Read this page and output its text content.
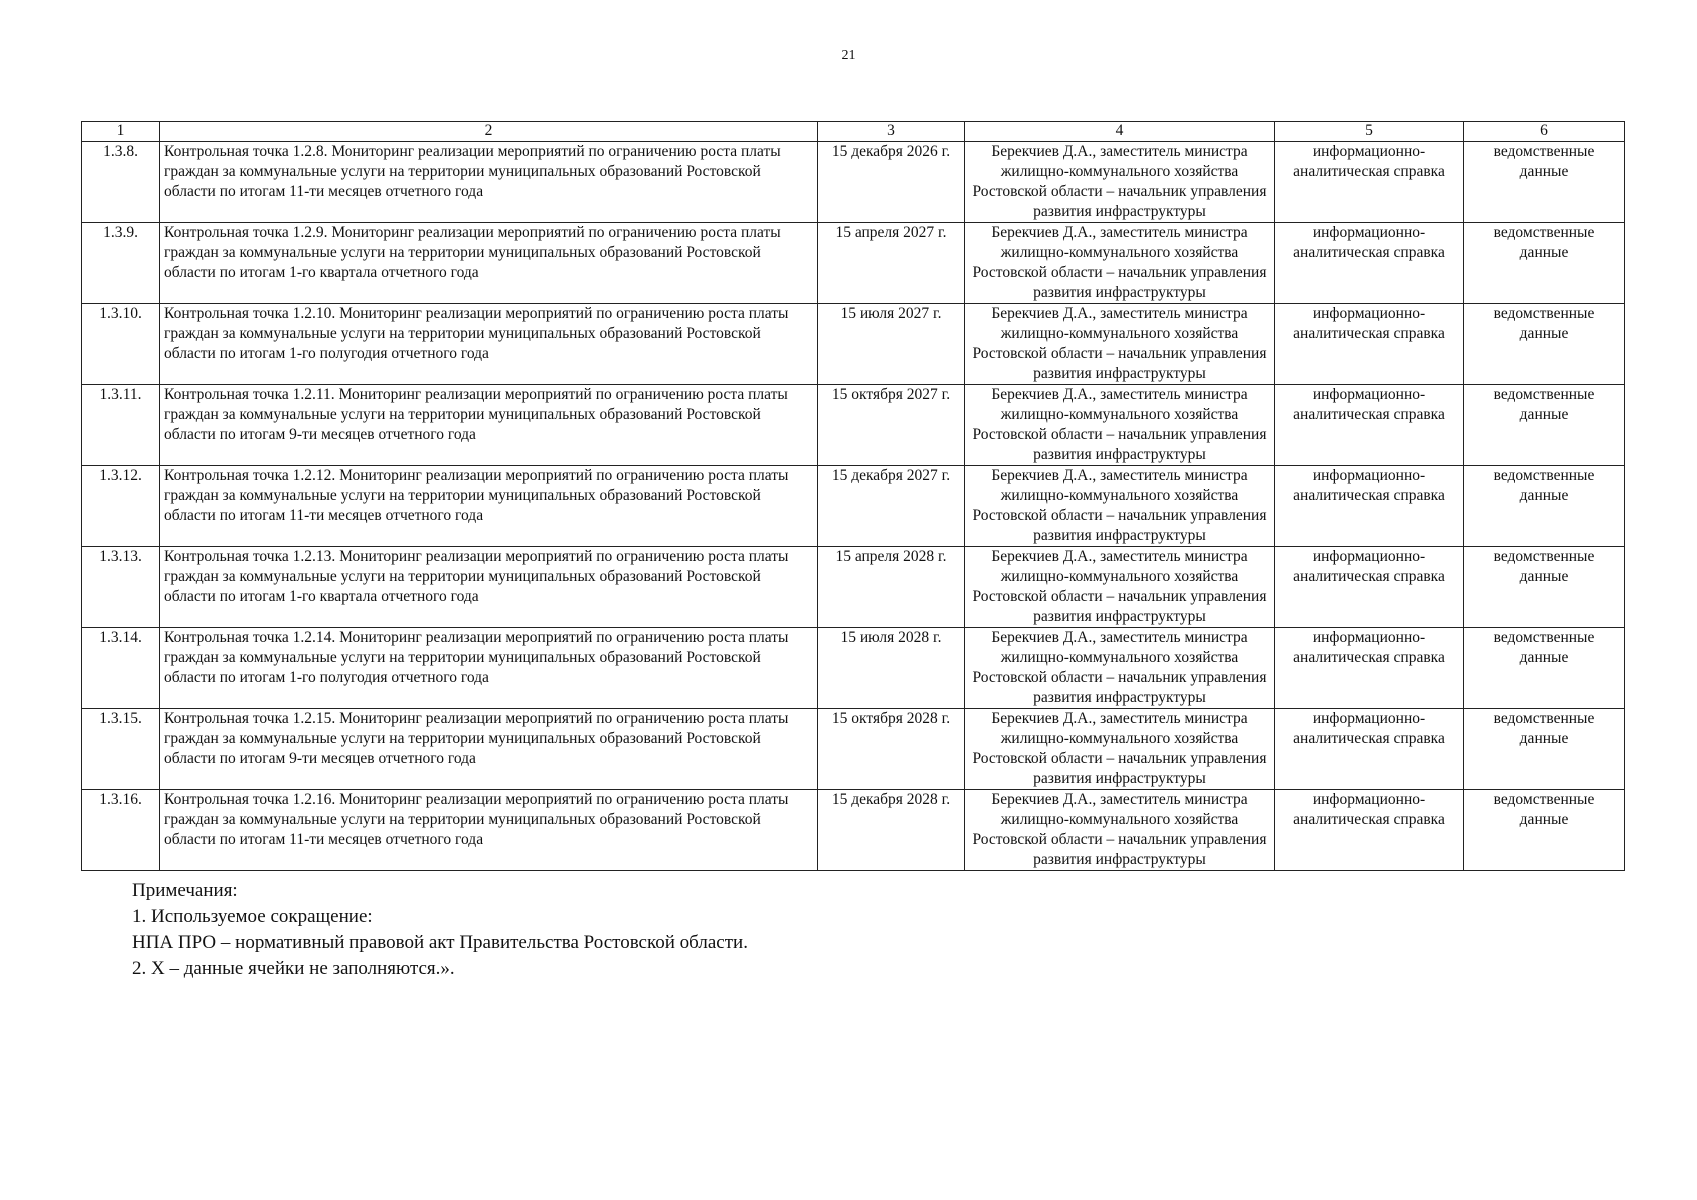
21
1	2	3	4	5	6
1.3.8.	Контрольная точка 1.2.8. Мониторинг реализации мероприятий по ограничению роста платы граждан за коммунальные услуги на территории муниципальных образований Ростовской области по итогам 11-ти месяцев отчетного года	15 декабря 2026 г.	Берекчиев Д.А., заместитель министра жилищно-коммунального хозяйства Ростовской области – начальник управления развития инфраструктуры	информационно-аналитическая справка	ведомственные данные
1.3.9.	Контрольная точка 1.2.9. Мониторинг реализации мероприятий по ограничению роста платы граждан за коммунальные услуги на территории муниципальных образований Ростовской области по итогам 1-го квартала отчетного года	15 апреля 2027 г.	Берекчиев Д.А., заместитель министра жилищно-коммунального хозяйства Ростовской области – начальник управления развития инфраструктуры	информационно-аналитическая справка	ведомственные данные
1.3.10.	Контрольная точка 1.2.10. Мониторинг реализации мероприятий по ограничению роста платы граждан за коммунальные услуги на территории муниципальных образований Ростовской области по итогам 1-го полугодия отчетного года	15 июля 2027 г.	Берекчиев Д.А., заместитель министра жилищно-коммунального хозяйства Ростовской области – начальник управления развития инфраструктуры	информационно-аналитическая справка	ведомственные данные
1.3.11.	Контрольная точка 1.2.11. Мониторинг реализации мероприятий по ограничению роста платы граждан за коммунальные услуги на территории муниципальных образований Ростовской области по итогам 9-ти месяцев отчетного года	15 октября 2027 г.	Берекчиев Д.А., заместитель министра жилищно-коммунального хозяйства Ростовской области – начальник управления развития инфраструктуры	информационно-аналитическая справка	ведомственные данные
1.3.12.	Контрольная точка 1.2.12. Мониторинг реализации мероприятий по ограничению роста платы граждан за коммунальные услуги на территории муниципальных образований Ростовской области по итогам 11-ти месяцев отчетного года	15 декабря 2027 г.	Берекчиев Д.А., заместитель министра жилищно-коммунального хозяйства Ростовской области – начальник управления развития инфраструктуры	информационно-аналитическая справка	ведомственные данные
1.3.13.	Контрольная точка 1.2.13. Мониторинг реализации мероприятий по ограничению роста платы граждан за коммунальные услуги на территории муниципальных образований Ростовской области по итогам 1-го квартала отчетного года	15 апреля 2028 г.	Берекчиев Д.А., заместитель министра жилищно-коммунального хозяйства Ростовской области – начальник управления развития инфраструктуры	информационно-аналитическая справка	ведомственные данные
1.3.14.	Контрольная точка 1.2.14. Мониторинг реализации мероприятий по ограничению роста платы граждан за коммунальные услуги на территории муниципальных образований Ростовской области по итогам 1-го полугодия отчетного года	15 июля 2028 г.	Берекчиев Д.А., заместитель министра жилищно-коммунального хозяйства Ростовской области – начальник управления развития инфраструктуры	информационно-аналитическая справка	ведомственные данные
1.3.15.	Контрольная точка 1.2.15. Мониторинг реализации мероприятий по ограничению роста платы граждан за коммунальные услуги на территории муниципальных образований Ростовской области по итогам 9-ти месяцев отчетного года	15 октября 2028 г.	Берекчиев Д.А., заместитель министра жилищно-коммунального хозяйства Ростовской области – начальник управления развития инфраструктуры	информационно-аналитическая справка	ведомственные данные
1.3.16.	Контрольная точка 1.2.16. Мониторинг реализации мероприятий по ограничению роста платы граждан за коммунальные услуги на территории муниципальных образований Ростовской области по итогам 11-ти месяцев отчетного года	15 декабря 2028 г.	Берекчиев Д.А., заместитель министра жилищно-коммунального хозяйства Ростовской области – начальник управления развития инфраструктуры	информационно-аналитическая справка	ведомственные данные
Примечания:
1. Используемое сокращение:
НПА ПРО – нормативный правовой акт Правительства Ростовской области.
2. X – данные ячейки не заполняются.».
